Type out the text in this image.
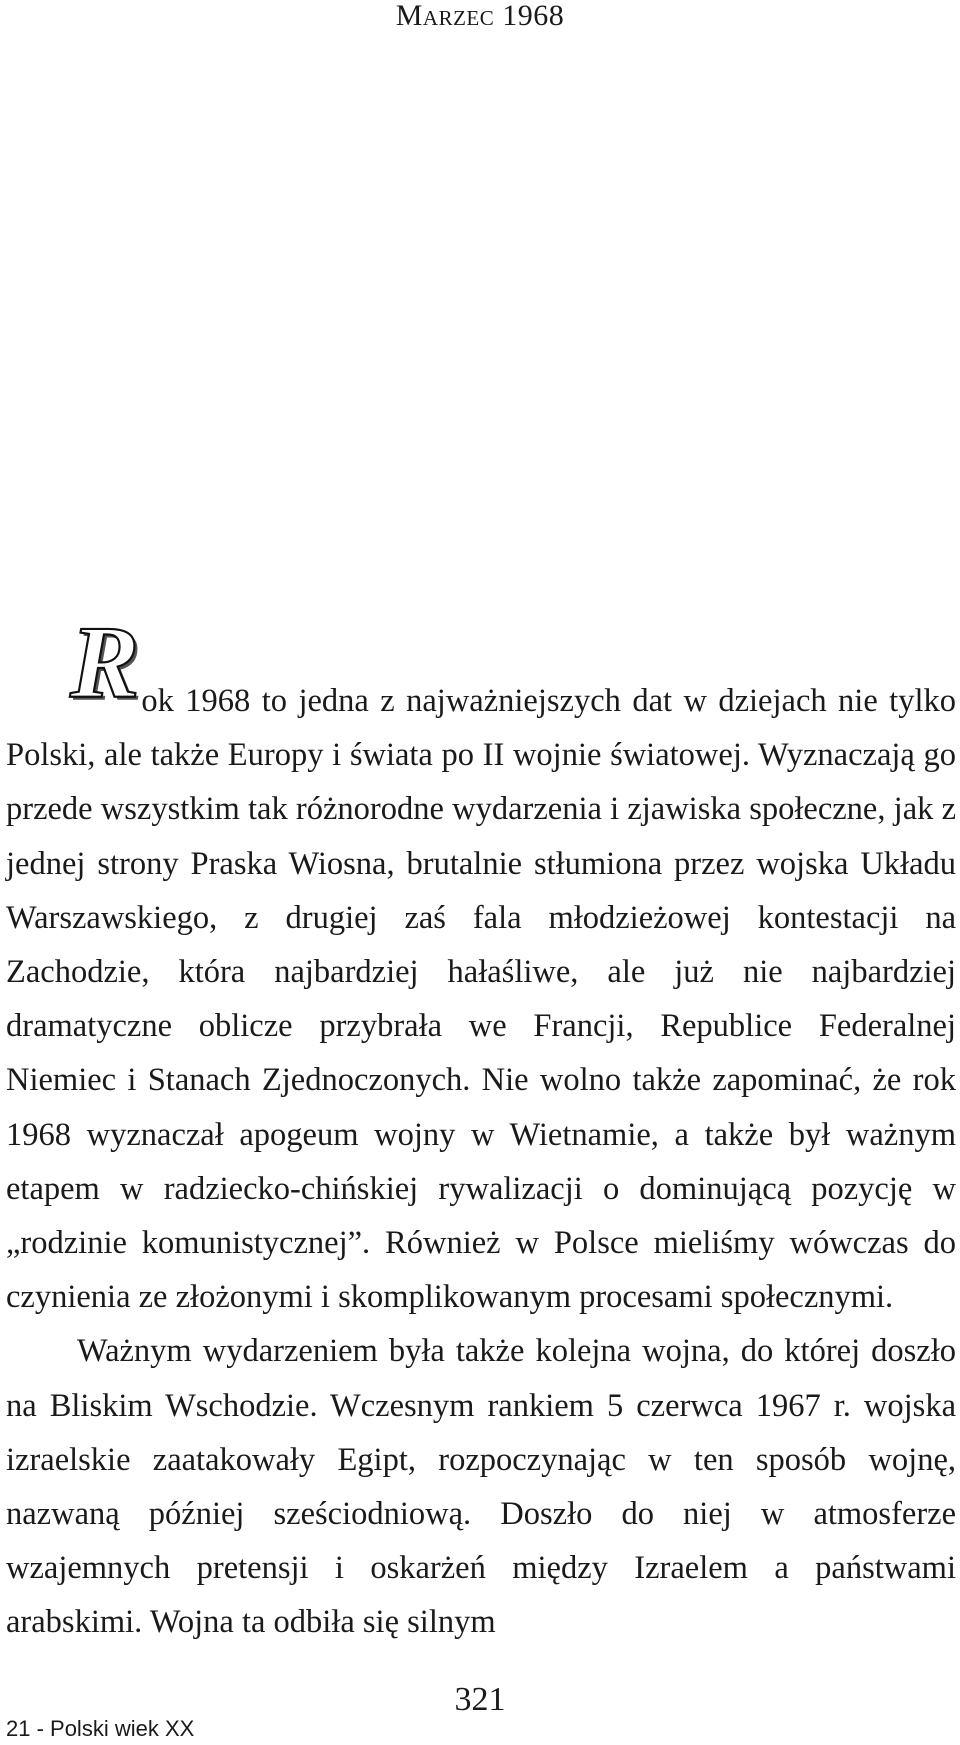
Marzec 1968

Rok 1968 to jedna z najważniejszych dat w dziejach nie tylko Polski, ale także Europy i świata po II wojnie światowej. Wyznaczają go przede wszystkim tak różnorodne wydarzenia i zjawiska społeczne, jak z jednej strony Praska Wiosna, brutalnie stłumiona przez wojska Układu Warszawskiego, z drugiej zaś fala młodzieżowej kontestacji na Zachodzie, która najbardziej hałaśliwe, ale już nie najbardziej dramatyczne oblicze przybrała we Francji, Republice Federalnej Niemiec i Stanach Zjednoczonych. Nie wolno także zapominać, że rok 1968 wyznaczał apogeum wojny w Wietnamie, a także był ważnym etapem w radziecko-chińskiej rywalizacji o dominującą pozycję w „rodzinie komunistycznej”. Również w Polsce mieliśmy wówczas do czynienia ze złożonymi i skomplikowanym procesami społecznymi.

Ważnym wydarzeniem była także kolejna wojna, do której doszło na Bliskim Wschodzie. Wczesnym rankiem 5 czerwca 1967 r. wojska izraelskie zaatakowały Egipt, rozpoczynając w ten sposób wojnę, nazwaną później sześciodniową. Doszło do niej w atmosferze wzajemnych pretensji i oskarżeń między Izraelem a państwami arabskimi. Wojna ta odbiła się silnym

321
21 - Polski wiek XX
